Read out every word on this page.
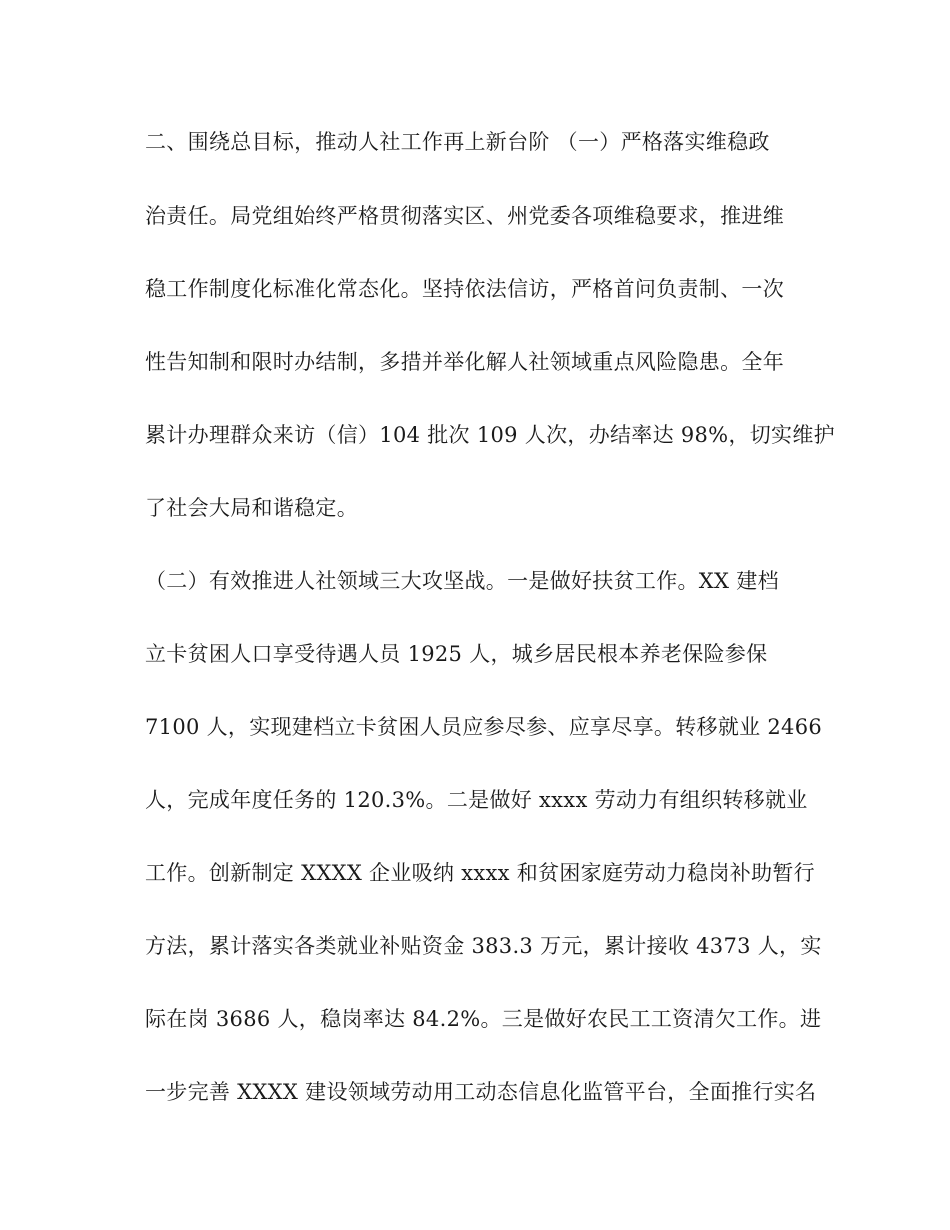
二、围绕总目标，推动人社工作再上新台阶 （一）严格落实维稳政
治责任。局党组始终严格贯彻落实区、州党委各项维稳要求，推进维
稳工作制度化标准化常态化。坚持依法信访，严格首问负责制、一次
性告知制和限时办结制，多措并举化解人社领域重点风险隐患。全年
累计办理群众来访（信）104 批次 109 人次，办结率达 98%，切实维护
了社会大局和谐稳定。
（二）有效推进人社领域三大攻坚战。一是做好扶贫工作。XX 建档
立卡贫困人口享受待遇人员 1925 人，城乡居民根本养老保险参保
7100 人，实现建档立卡贫困人员应参尽参、应享尽享。转移就业 2466
人，完成年度任务的 120.3%。二是做好 xxxx 劳动力有组织转移就业
工作。创新制定 XXXX 企业吸纳 xxxx 和贫困家庭劳动力稳岗补助暂行
方法，累计落实各类就业补贴资金 383.3 万元，累计接收 4373 人，实
际在岗 3686 人，稳岗率达 84.2%。三是做好农民工工资清欠工作。进
一步完善 XXXX 建设领域劳动用工动态信息化监管平台，全面推行实名
